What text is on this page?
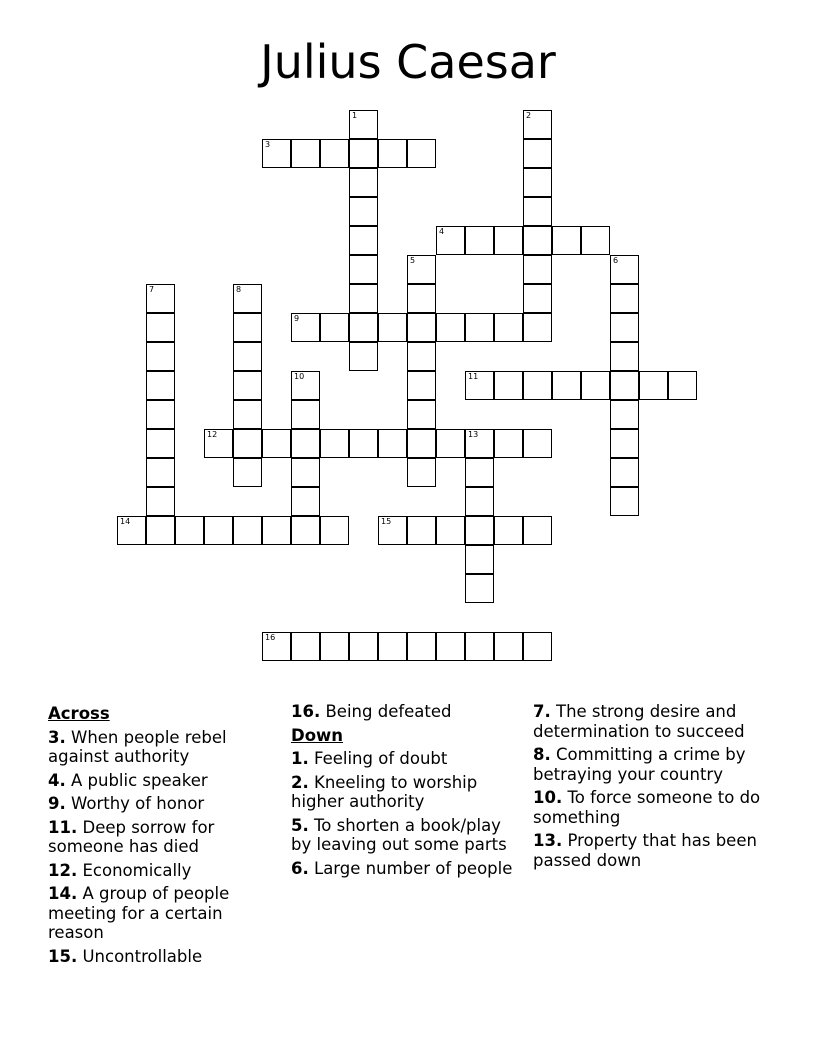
Julius Caesar
1	2
3
4
5	6
7	8
9
10	11
12	13
14	15
16
Across
3. When people rebel against authority
4. A public speaker
9. Worthy of honor
11. Deep sorrow for someone has died
12. Economically
14. A group of people meeting for a certain reason
15. Uncontrollable
16. Being defeated
Down
1. Feeling of doubt
2. Kneeling to worship higher authority
5. To shorten a book/play by leaving out some parts
6. Large number of people
7. The strong desire and determination to succeed
8. Committing a crime by betraying your country
10. To force someone to do something
13. Property that has been passed down
